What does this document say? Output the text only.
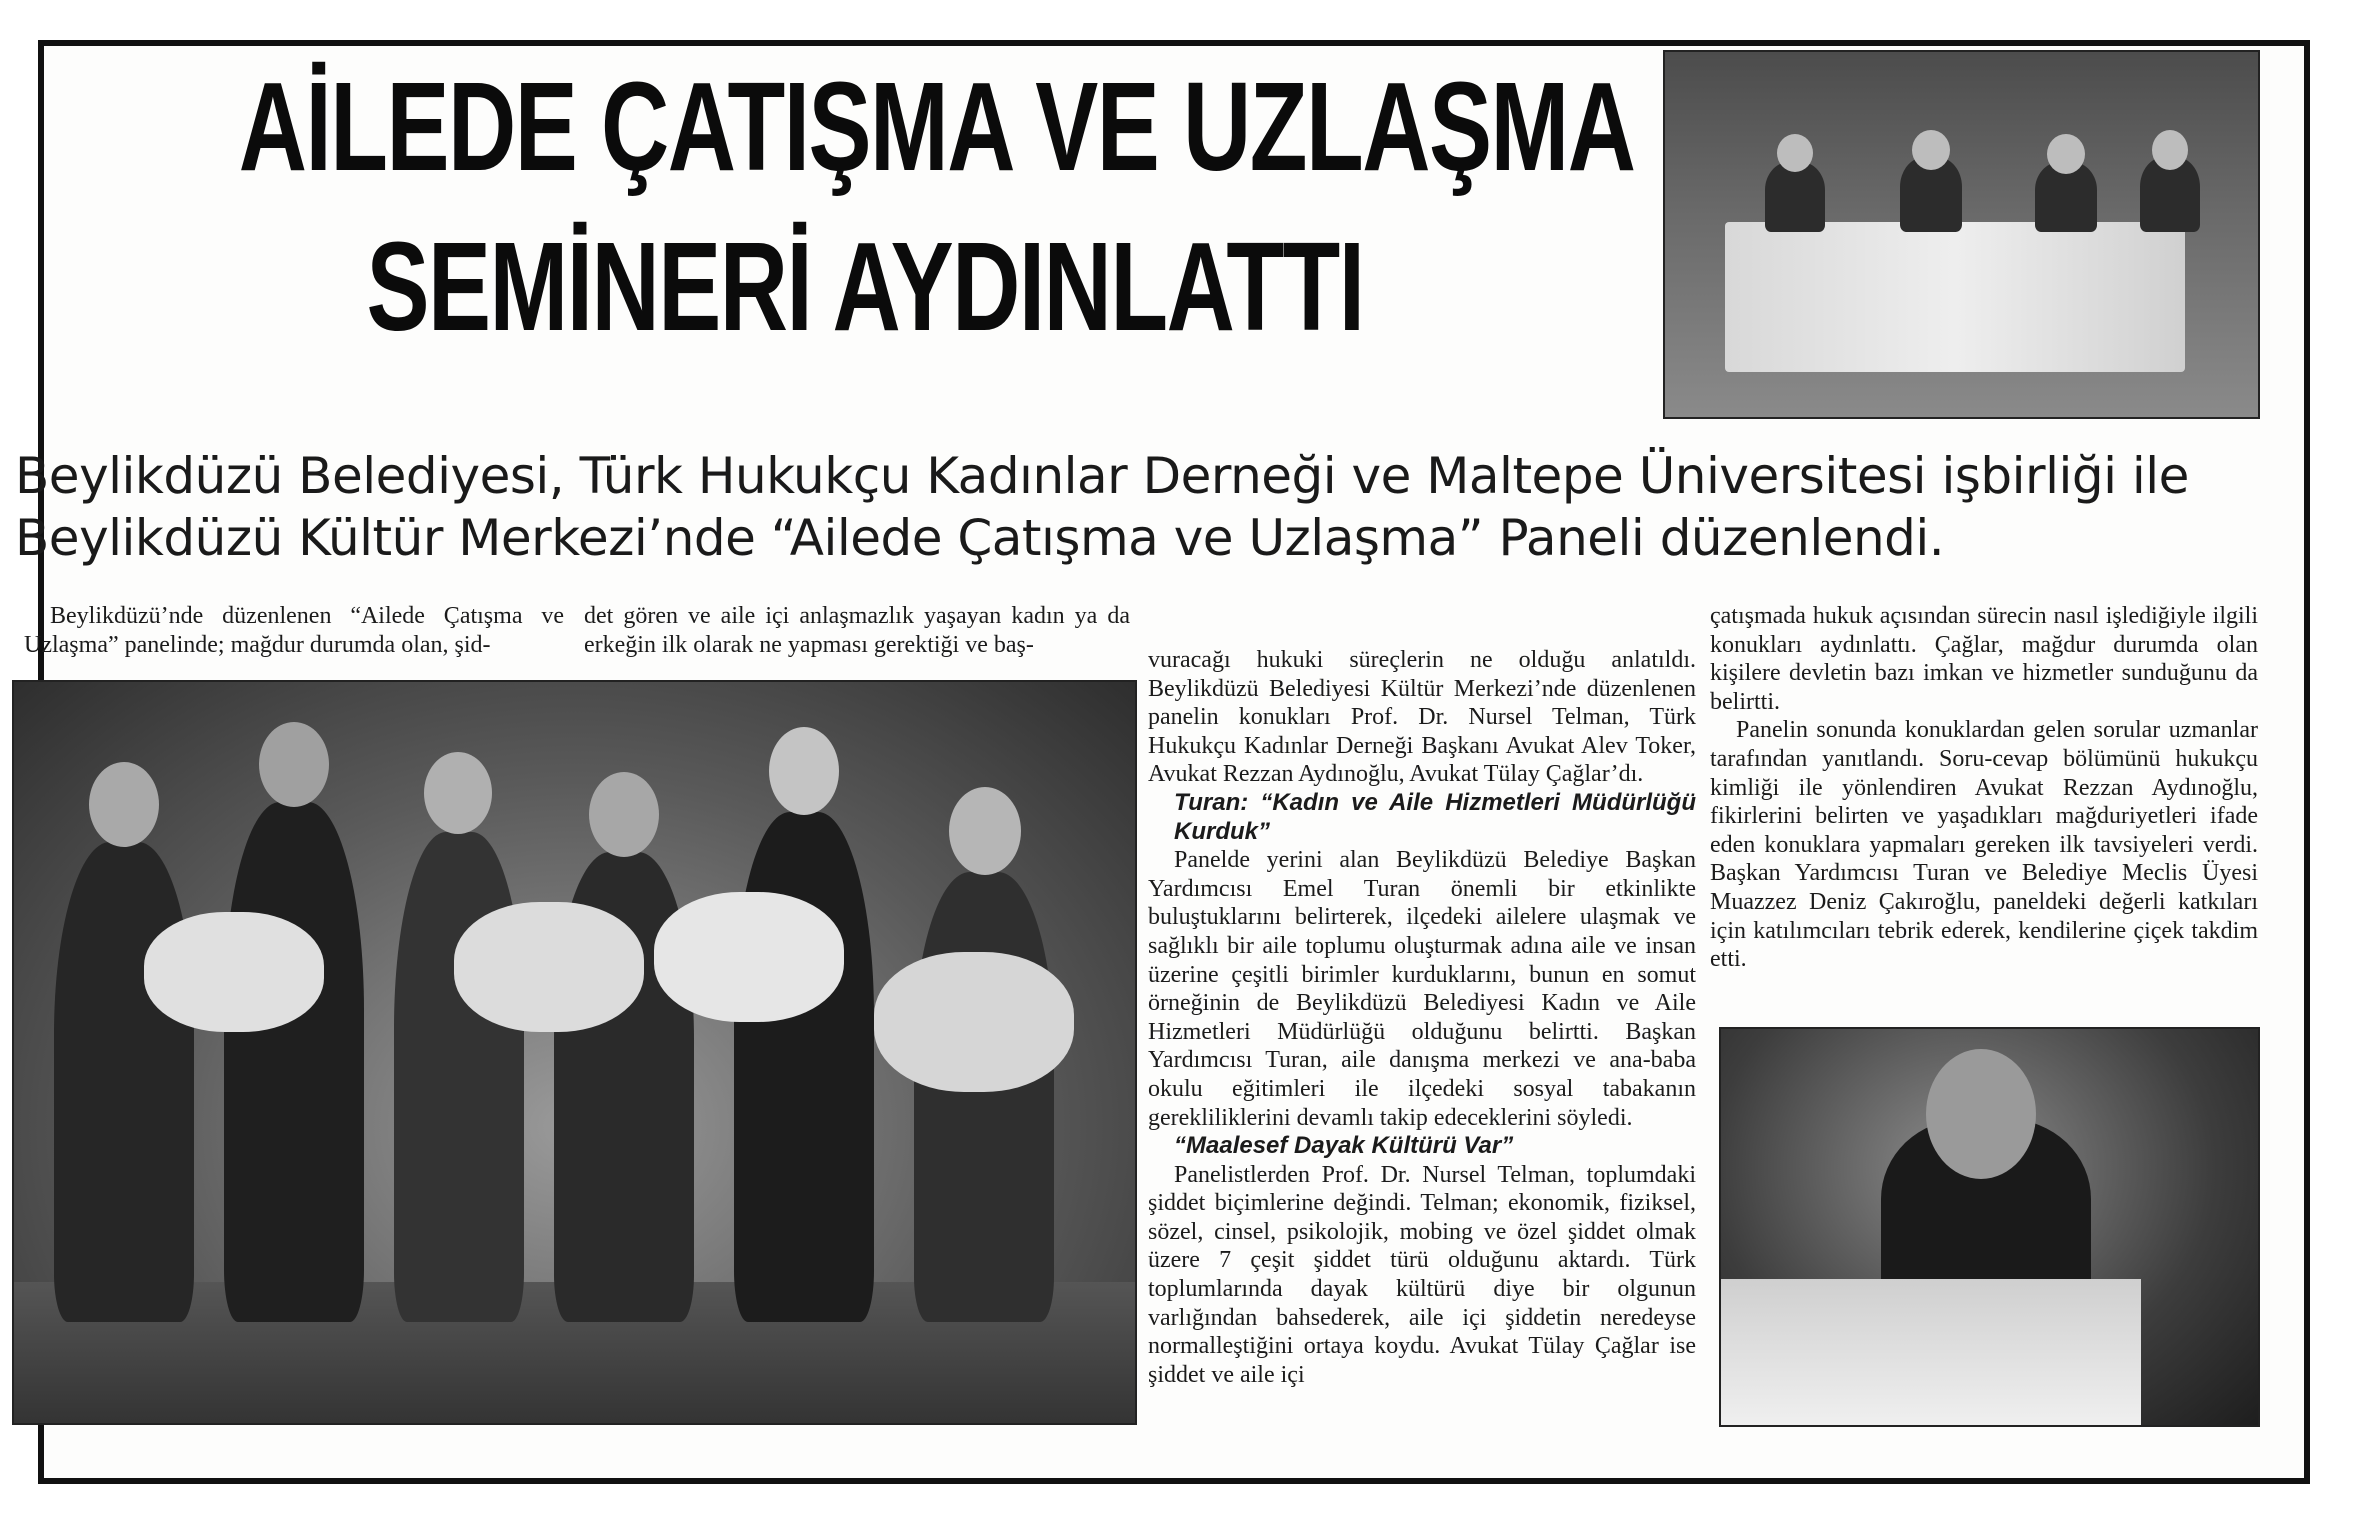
AİLEDE ÇATIŞMA VE UZLAŞMA
SEMİNERİ AYDINLATTI
Beylikdüzü Belediyesi, Türk Hukukçu Kadınlar Derneği ve Maltepe Üniversitesi işbirliği ile Beylikdüzü Kültür Merkezi’nde “Ailede Çatışma ve Uzlaşma” Paneli düzenlendi.

Beylikdüzü’nde düzenlenen “Ailede Çatışma ve Uzlaşma” panelinde; mağdur durumda olan, şid-

det gören ve aile içi anlaşmazlık yaşayan kadın ya da erkeğin ilk olarak ne yapması gerektiği ve baş-

vuracağı hukuki süreçlerin ne olduğu anlatıldı. Beylikdüzü Belediyesi Kültür Merkezi’nde düzenlenen panelin konukları Prof. Dr. Nursel Telman, Türk Hukukçu Kadınlar Derneği Başkanı Avukat Alev Toker, Avukat Rezzan Aydınoğlu, Avukat Tülay Çağlar’dı.

Turan: “Kadın ve Aile Hizmetleri Müdürlüğü Kurduk”

Panelde yerini alan Beylikdüzü Belediye Başkan Yardımcısı Emel Turan önemli bir etkinlikte buluştuklarını belirterek, ilçedeki ailelere ulaşmak ve sağlıklı bir aile toplumu oluşturmak adına aile ve insan üzerine çeşitli birimler kurduklarını, bunun en somut örneğinin de Beylikdüzü Belediyesi Kadın ve Aile Hizmetleri Müdürlüğü olduğunu belirtti. Başkan Yardımcısı Turan, aile danışma merkezi ve ana-baba okulu eğitimleri ile ilçedeki sosyal tabakanın gerekliliklerini devamlı takip edeceklerini söyledi.

“Maalesef Dayak Kültürü Var”

Panelistlerden Prof. Dr. Nursel Telman, toplumdaki şiddet biçimlerine değindi. Telman; ekonomik, fiziksel, sözel, cinsel, psikolojik, mobing ve özel şiddet olmak üzere 7 çeşit şiddet türü olduğunu aktardı. Türk toplumlarında dayak kültürü diye bir olgunun varlığından bahsederek, aile içi şiddetin neredeyse normalleştiğini ortaya koydu. Avukat Tülay Çağlar ise şiddet ve aile içi

çatışmada hukuk açısından sürecin nasıl işlediğiyle ilgili konukları aydınlattı. Çağlar, mağdur durumda olan kişilere devletin bazı imkan ve hizmetler sunduğunu da belirtti.

Panelin sonunda konuklardan gelen sorular uzmanlar tarafından yanıtlandı. Soru-cevap bölümünü hukukçu kimliği ile yönlendiren Avukat Rezzan Aydınoğlu, fikirlerini belirten ve yaşadıkları mağduriyetleri ifade eden konuklara yapmaları gereken ilk tavsiyeleri verdi. Başkan Yardımcısı Turan ve Belediye Meclis Üyesi Muazzez Deniz Çakıroğlu, paneldeki değerli katkıları için katılımcıları tebrik ederek, kendilerine çiçek takdim etti.
